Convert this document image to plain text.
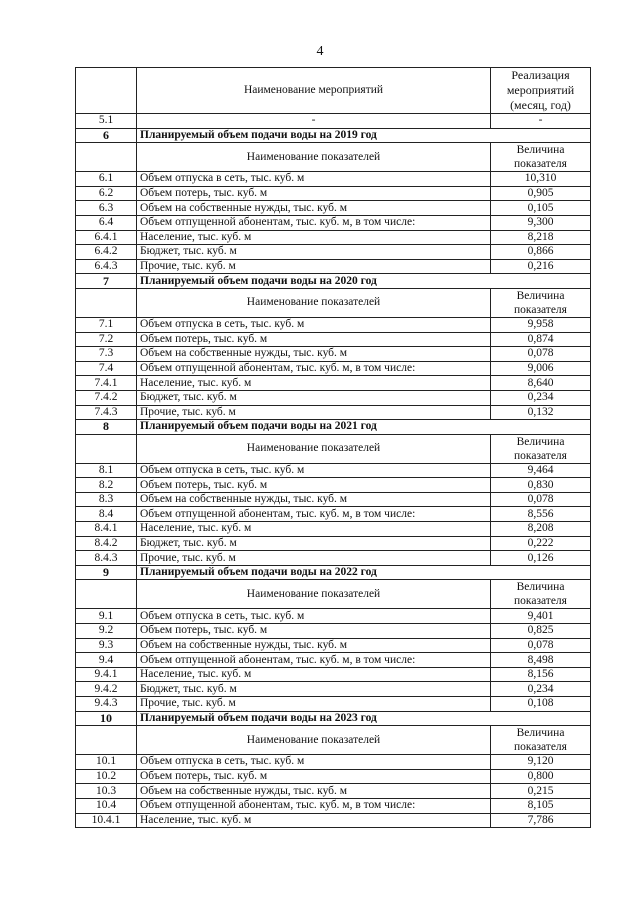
4
	Наименование мероприятий	Реализация мероприятий (месяц, год)
5.1	-	-
6	Планируемый объем подачи воды на 2019 год	
	Наименование показателей	Величина показателя
6.1	Объем отпуска в сеть, тыс. куб. м	10,310
6.2	Объем потерь, тыс. куб. м	0,905
6.3	Объем на собственные нужды, тыс. куб. м	0,105
6.4	Объем отпущенной абонентам, тыс. куб. м, в том числе:	9,300
6.4.1	Население, тыс. куб. м	8,218
6.4.2	Бюджет, тыс. куб. м	0,866
6.4.3	Прочие, тыс. куб. м	0,216
7	Планируемый объем подачи воды на 2020 год	
	Наименование показателей	Величина показателя
7.1	Объем отпуска в сеть, тыс. куб. м	9,958
7.2	Объем потерь, тыс. куб. м	0,874
7.3	Объем на собственные нужды, тыс. куб. м	0,078
7.4	Объем отпущенной абонентам, тыс. куб. м, в том числе:	9,006
7.4.1	Население, тыс. куб. м	8,640
7.4.2	Бюджет, тыс. куб. м	0,234
7.4.3	Прочие, тыс. куб. м	0,132
8	Планируемый объем подачи воды на 2021 год	
	Наименование показателей	Величина показателя
8.1	Объем отпуска в сеть, тыс. куб. м	9,464
8.2	Объем потерь, тыс. куб. м	0,830
8.3	Объем на собственные нужды, тыс. куб. м	0,078
8.4	Объем отпущенной абонентам, тыс. куб. м, в том числе:	8,556
8.4.1	Население, тыс. куб. м	8,208
8.4.2	Бюджет, тыс. куб. м	0,222
8.4.3	Прочие, тыс. куб. м	0,126
9	Планируемый объем подачи воды на 2022 год	
	Наименование показателей	Величина показателя
9.1	Объем отпуска в сеть, тыс. куб. м	9,401
9.2	Объем потерь, тыс. куб. м	0,825
9.3	Объем на собственные нужды, тыс. куб. м	0,078
9.4	Объем отпущенной абонентам, тыс. куб. м, в том числе:	8,498
9.4.1	Население, тыс. куб. м	8,156
9.4.2	Бюджет, тыс. куб. м	0,234
9.4.3	Прочие, тыс. куб. м	0,108
10	Планируемый объем подачи воды на 2023 год	
	Наименование показателей	Величина показателя
10.1	Объем отпуска в сеть, тыс. куб. м	9,120
10.2	Объем потерь, тыс. куб. м	0,800
10.3	Объем на собственные нужды, тыс. куб. м	0,215
10.4	Объем отпущенной абонентам, тыс. куб. м, в том числе:	8,105
10.4.1	Население, тыс. куб. м	7,786
